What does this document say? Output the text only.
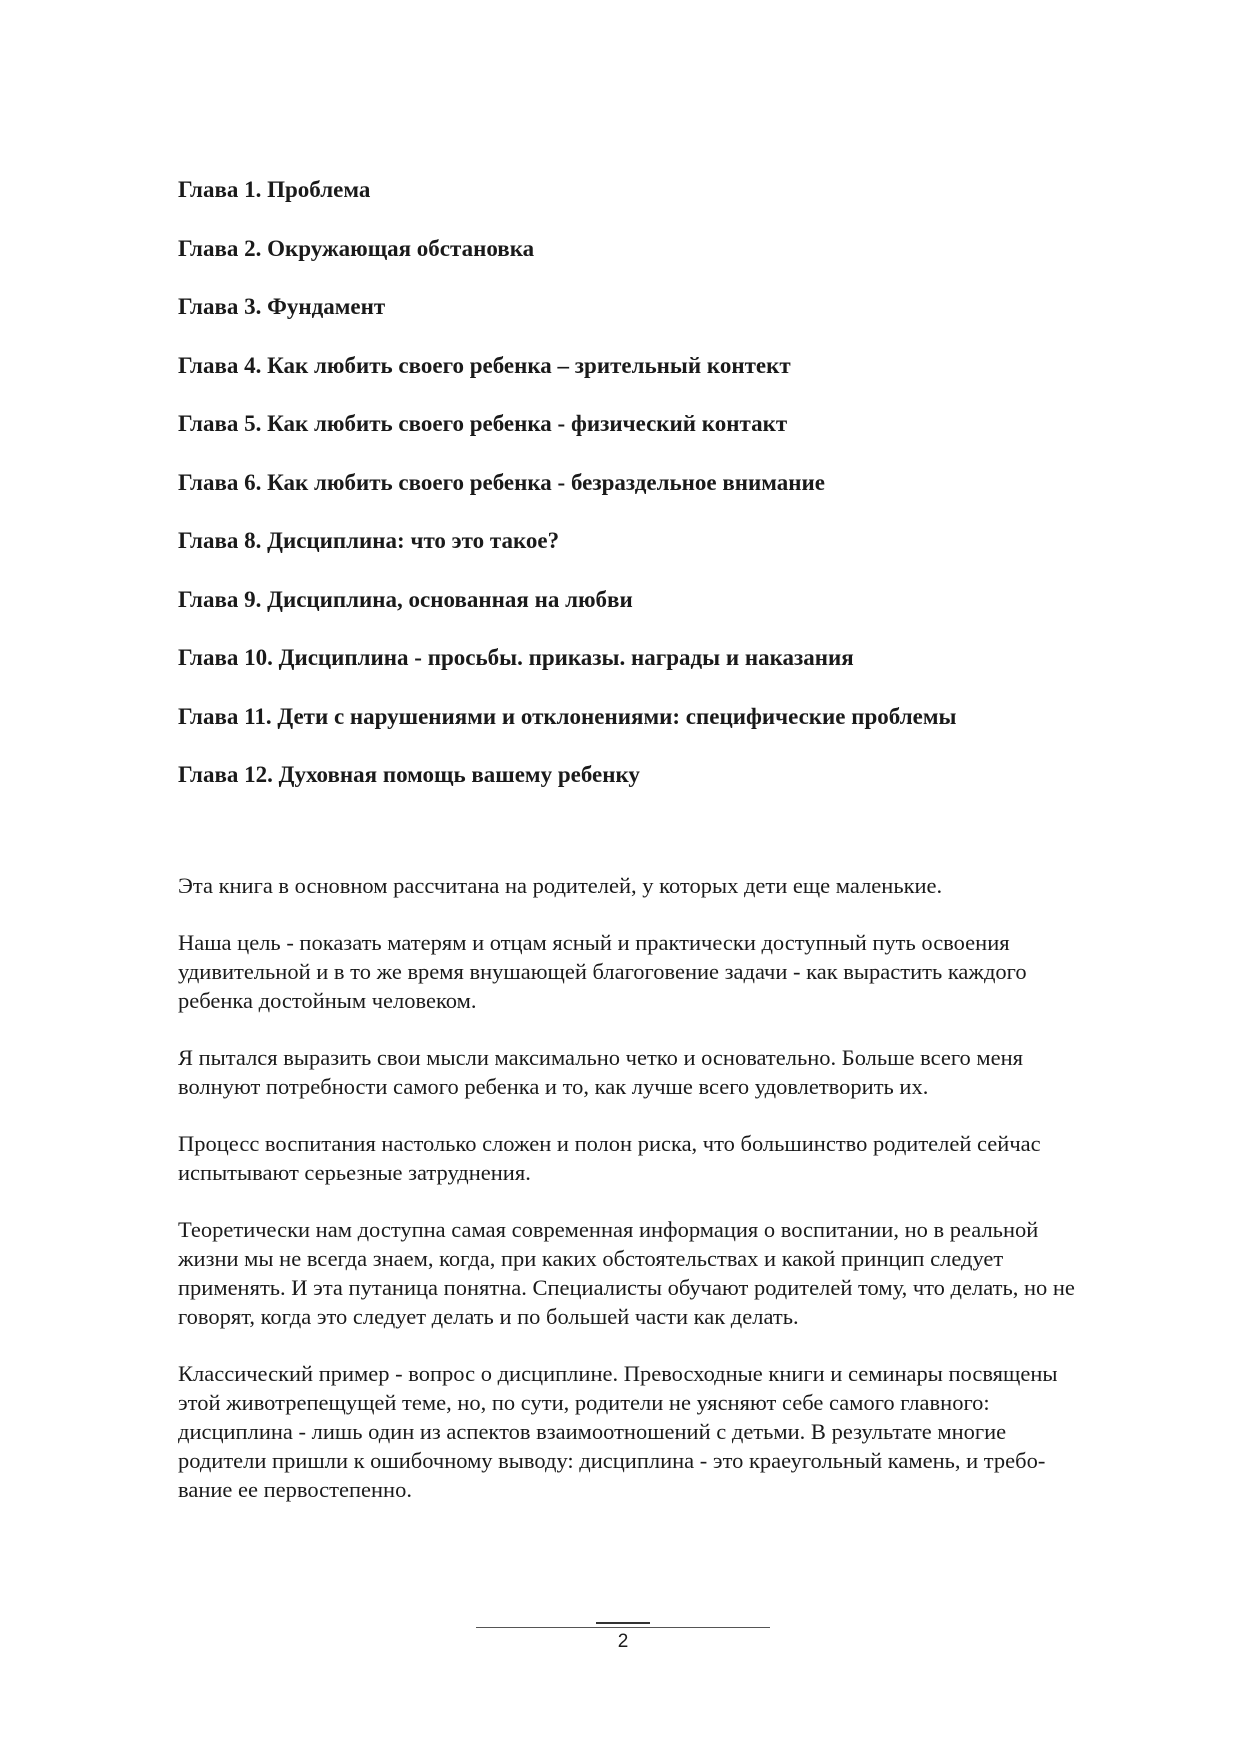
Глава 1. Проблема
Глава 2. Окружающая обстановка
Глава 3. Фундамент
Глава 4. Как любить своего ребенка – зрительный контект
Глава 5. Как любить своего ребенка - физический контакт
Глава 6. Как любить своего ребенка - безраздельное внимание
Глава 8. Дисциплина: что это такое?
Глава 9. Дисциплина, основанная на любви
Глава 10. Дисциплина - просьбы. приказы. награды и наказания
Глава 11. Дети с нарушениями и отклонениями: специфические проблемы
Глава 12. Духовная помощь вашему ребенку

Эта книга в основном рассчитана на родителей, у которых дети еще маленькие.

Наша цель - показать матерям и отцам ясный и практически доступный путь освоения удивительной и в то же время внушающей благоговение задачи - как вырастить каждого ребенка достойным человеком.

Я пытался выразить свои мысли максимально четко и основательно. Больше всего меня волнуют потребности самого ребенка и то, как лучше всего удовлетворить их.

Процесс воспитания настолько сложен и полон риска, что большинство родителей сейчас испытывают серьезные затруднения.

Теоретически нам доступна самая современная информация о воспитании, но в реальной жизни мы не всегда знаем, когда, при каких обстоятельствах и какой принцип следует применять. И эта путаница понятна. Специалисты обучают родителей тому, что делать, но не говорят, когда это следует делать и по большей части как делать.

Классический пример - вопрос о дисциплине. Превосходные книги и семинары посвящены этой животрепещущей теме, но, по сути, родители не уясняют себе самого главного: дисциплина - лишь один из аспектов взаимоотношений с детьми. В результате многие родители пришли к ошибочному выводу: дисциплина - это краеугольный камень, и требо-вание ее первостепенно.

2
